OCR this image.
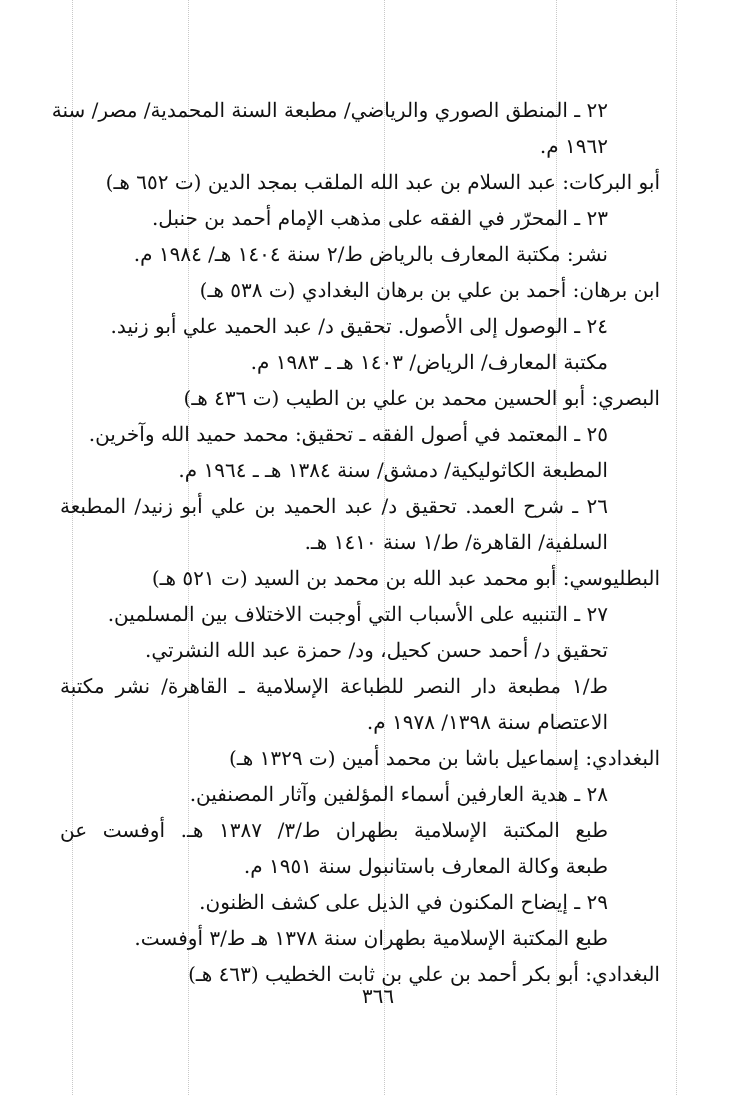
٢٢ ـ المنطق الصوري والرياضي/ مطبعة السنة المحمدية/ مصر/ سنة
١٩٦٢ م.
أبو البركات: عبد السلام بن عبد الله الملقب بمجد الدين (ت ٦٥٢ هـ)
٢٣ ـ المحرّر في الفقه على مذهب الإمام أحمد بن حنبل.
نشر: مكتبة المعارف بالرياض ط/٢ سنة ١٤٠٤ هـ/ ١٩٨٤ م.
ابن برهان: أحمد بن علي بن برهان البغدادي (ت ٥٣٨ هـ)
٢٤ ـ الوصول إلى الأصول. تحقيق د/ عبد الحميد علي أبو زنيد.
مكتبة المعارف/ الرياض/ ١٤٠٣ هـ ـ ١٩٨٣ م.
البصري: أبو الحسين محمد بن علي بن الطيب (ت ٤٣٦ هـ)
٢٥ ـ المعتمد في أصول الفقه ـ تحقيق: محمد حميد الله وآخرين.
المطبعة الكاثوليكية/ دمشق/ سنة ١٣٨٤ هـ ـ ١٩٦٤ م.
٢٦ ـ شرح العمد. تحقيق د/ عبد الحميد بن علي أبو زنيد/ المطبعة
السلفية/ القاهرة/ ط/١ سنة ١٤١٠ هـ.
البطليوسي: أبو محمد عبد الله بن محمد بن السيد (ت ٥٢١ هـ)
٢٧ ـ التنبيه على الأسباب التي أوجبت الاختلاف بين المسلمين.
تحقيق د/ أحمد حسن كحيل، ود/ حمزة عبد الله النشرتي.
ط/١ مطبعة دار النصر للطباعة الإسلامية ـ القاهرة/ نشر مكتبة
الاعتصام سنة ١٣٩٨/ ١٩٧٨ م.
البغدادي: إسماعيل باشا بن محمد أمين (ت ١٣٢٩ هـ)
٢٨ ـ هدية العارفين أسماء المؤلفين وآثار المصنفين.
طبع المكتبة الإسلامية بطهران ط/٣/ ١٣٨٧ هـ. أوفست عن
طبعة وكالة المعارف باستانبول سنة ١٩٥١ م.
٢٩ ـ إيضاح المكنون في الذيل على كشف الظنون.
طبع المكتبة الإسلامية بطهران سنة ١٣٧٨ هـ ط/٣ أوفست.
البغدادي: أبو بكر أحمد بن علي بن ثابت الخطيب (٤٦٣ هـ)
٣٦٦
